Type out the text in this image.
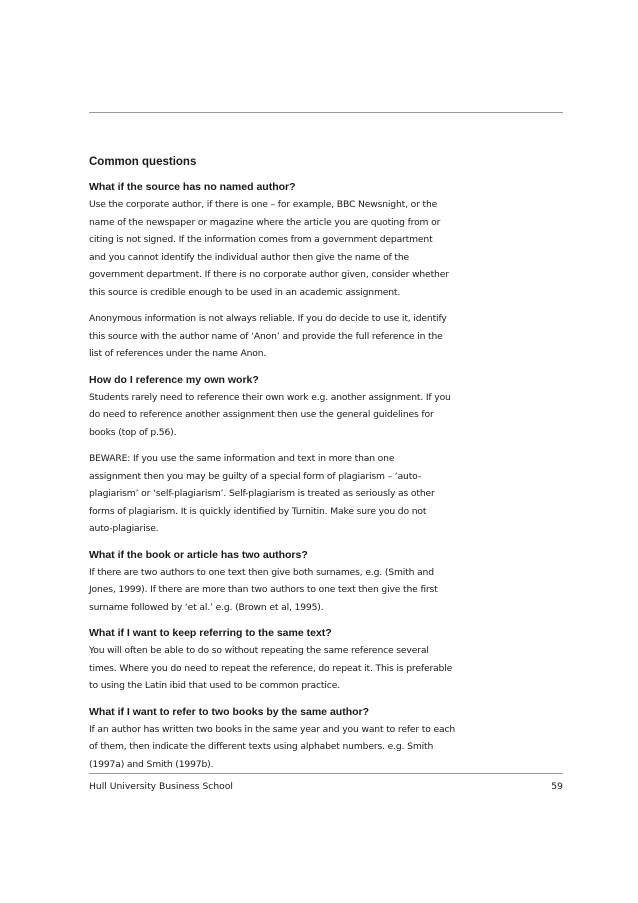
Common questions
What if the source has no named author?

Use the corporate author, if there is one – for example, BBC Newsnight, or the
name of the newspaper or magazine where the article you are quoting from or
citing is not signed. If the information comes from a government department
and you cannot identify the individual author then give the name of the
government department. If there is no corporate author given, consider whether
this source is credible enough to be used in an academic assignment.

Anonymous information is not always reliable. If you do decide to use it, identify
this source with the author name of ‘Anon’ and provide the full reference in the
list of references under the name Anon.

How do I reference my own work?

Students rarely need to reference their own work e.g. another assignment. If you
do need to reference another assignment then use the general guidelines for
books (top of p.56).

BEWARE: If you use the same information and text in more than one
assignment then you may be guilty of a special form of plagiarism – ‘auto-
plagiarism’ or ‘self-plagiarism’. Self-plagiarism is treated as seriously as other
forms of plagiarism. It is quickly identified by Turnitin. Make sure you do not
auto-plagiarise.

What if the book or article has two authors?

If there are two authors to one text then give both surnames, e.g. (Smith and
Jones, 1999). If there are more than two authors to one text then give the first
surname followed by ‘et al.’ e.g. (Brown et al, 1995).

What if I want to keep referring to the same text?

You will often be able to do so without repeating the same reference several
times. Where you do need to repeat the reference, do repeat it. This is preferable
to using the Latin ibid that used to be common practice.

What if I want to refer to two books by the same author?

If an author has written two books in the same year and you want to refer to each
of them, then indicate the different texts using alphabet numbers. e.g. Smith
(1997a) and Smith (1997b).

Hull University Business School	59
